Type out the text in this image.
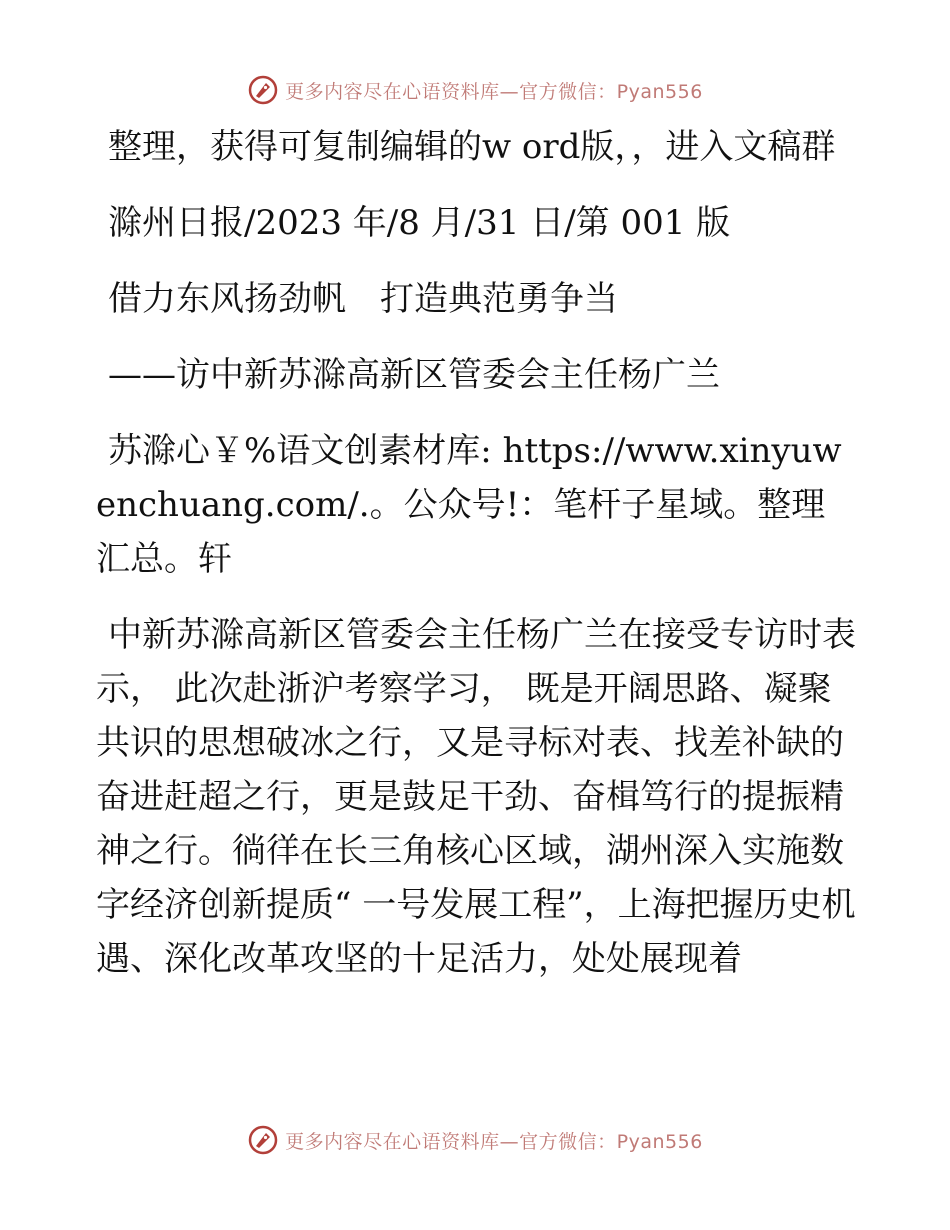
更多内容尽在心语资料库—官方微信：Pyan556

整理，获得可复制编辑的w ord版，，进入文稿群

滁州日报/2023 年/8 月/31 日/第 001 版

借力东风扬劲帆　打造典范勇争当

——访中新苏滁高新区管委会主任杨广兰

苏滁心￥%语文创素材库: https://www.xinyuwenchuang.com/.。公众号!：笔杆子星域。整理汇总。轩

中新苏滁高新区管委会主任杨广兰在接受专访时表示， 此次赴浙沪考察学习， 既是开阔思路、凝聚共识的思想破冰之行，又是寻标对表、找差补缺的奋进赶超之行，更是鼓足干劲、奋楫笃行的提振精神之行。徜徉在长三角核心区域，湖州深入实施数字经济创新提质“ 一号发展工程”，上海把握历史机遇、深化改革攻坚的十足活力，处处展现着

更多内容尽在心语资料库—官方微信：Pyan556
